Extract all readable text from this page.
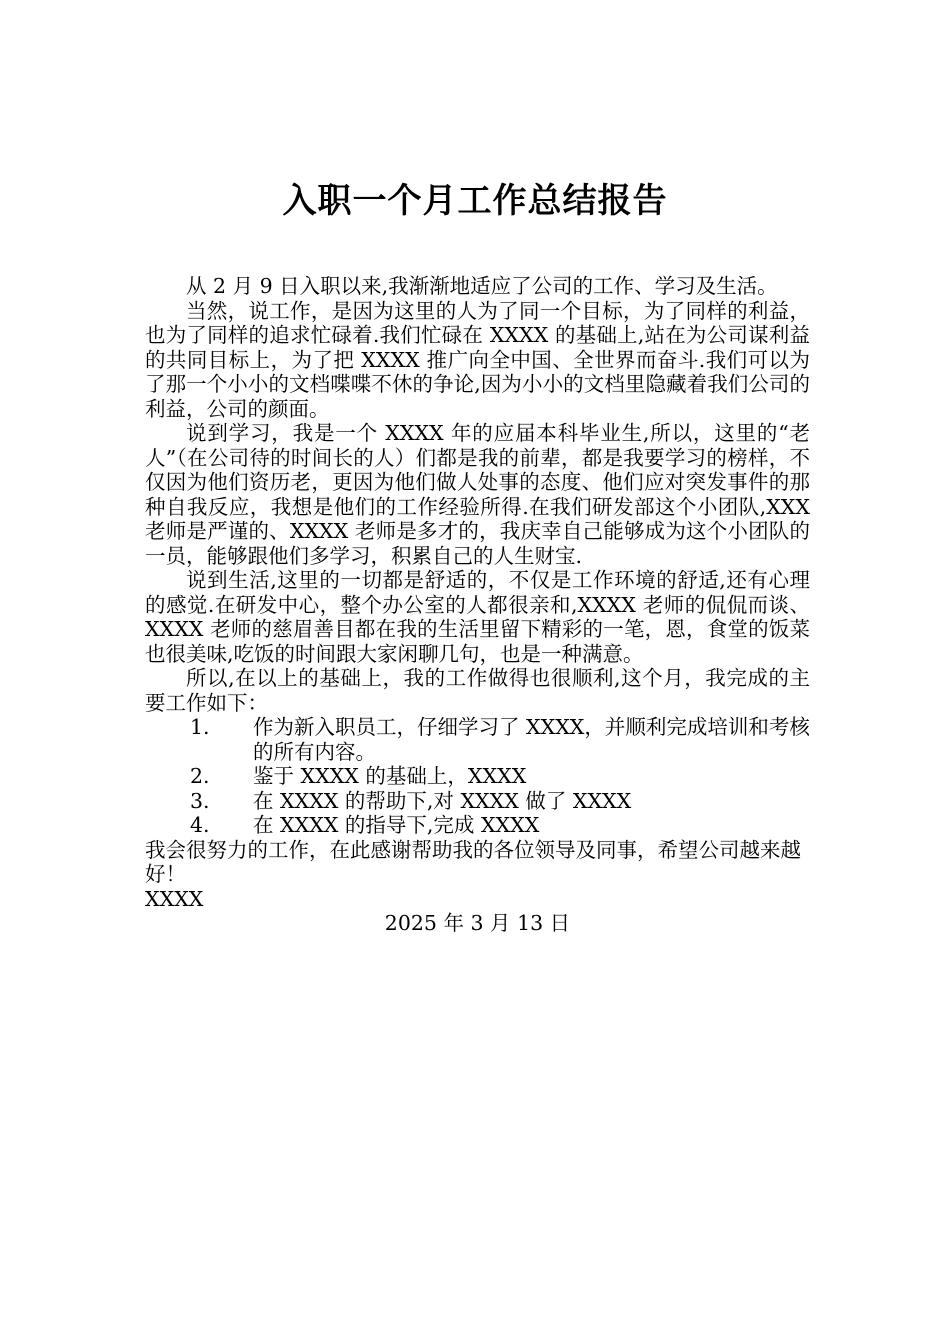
入职一个月工作总结报告

从 2 月 9 日入职以来,我渐渐地适应了公司的工作、学习及生活。

当然，说工作，是因为这里的人为了同一个目标，为了同样的利益，也为了同样的追求忙碌着.我们忙碌在 XXXX 的基础上,站在为公司谋利益的共同目标上，为了把 XXXX 推广向全中国、全世界而奋斗.我们可以为了那一个小小的文档喋喋不休的争论,因为小小的文档里隐藏着我们公司的利益，公司的颜面。

说到学习，我是一个 XXXX 年的应届本科毕业生,所以，这里的“老人”（在公司待的时间长的人）们都是我的前辈，都是我要学习的榜样，不仅因为他们资历老，更因为他们做人处事的态度、他们应对突发事件的那种自我反应，我想是他们的工作经验所得.在我们研发部这个小团队,XXX 老师是严谨的、XXXX 老师是多才的，我庆幸自己能够成为这个小团队的一员，能够跟他们多学习，积累自己的人生财宝.

说到生活,这里的一切都是舒适的，不仅是工作环境的舒适,还有心理的感觉.在研发中心，整个办公室的人都很亲和,XXXX 老师的侃侃而谈、XXXX 老师的慈眉善目都在我的生活里留下精彩的一笔，恩，食堂的饭菜也很美味,吃饭的时间跟大家闲聊几句，也是一种满意。

所以,在以上的基础上，我的工作做得也很顺利,这个月，我完成的主要工作如下：

1. 作为新入职员工，仔细学习了 XXXX，并顺利完成培训和考核的所有内容。
2. 鉴于 XXXX 的基础上，XXXX
3. 在 XXXX 的帮助下,对 XXXX 做了 XXXX
4. 在 XXXX 的指导下,完成 XXXX

我会很努力的工作，在此感谢帮助我的各位领导及同事，希望公司越来越好！

XXXX

2025 年 3 月 13 日
